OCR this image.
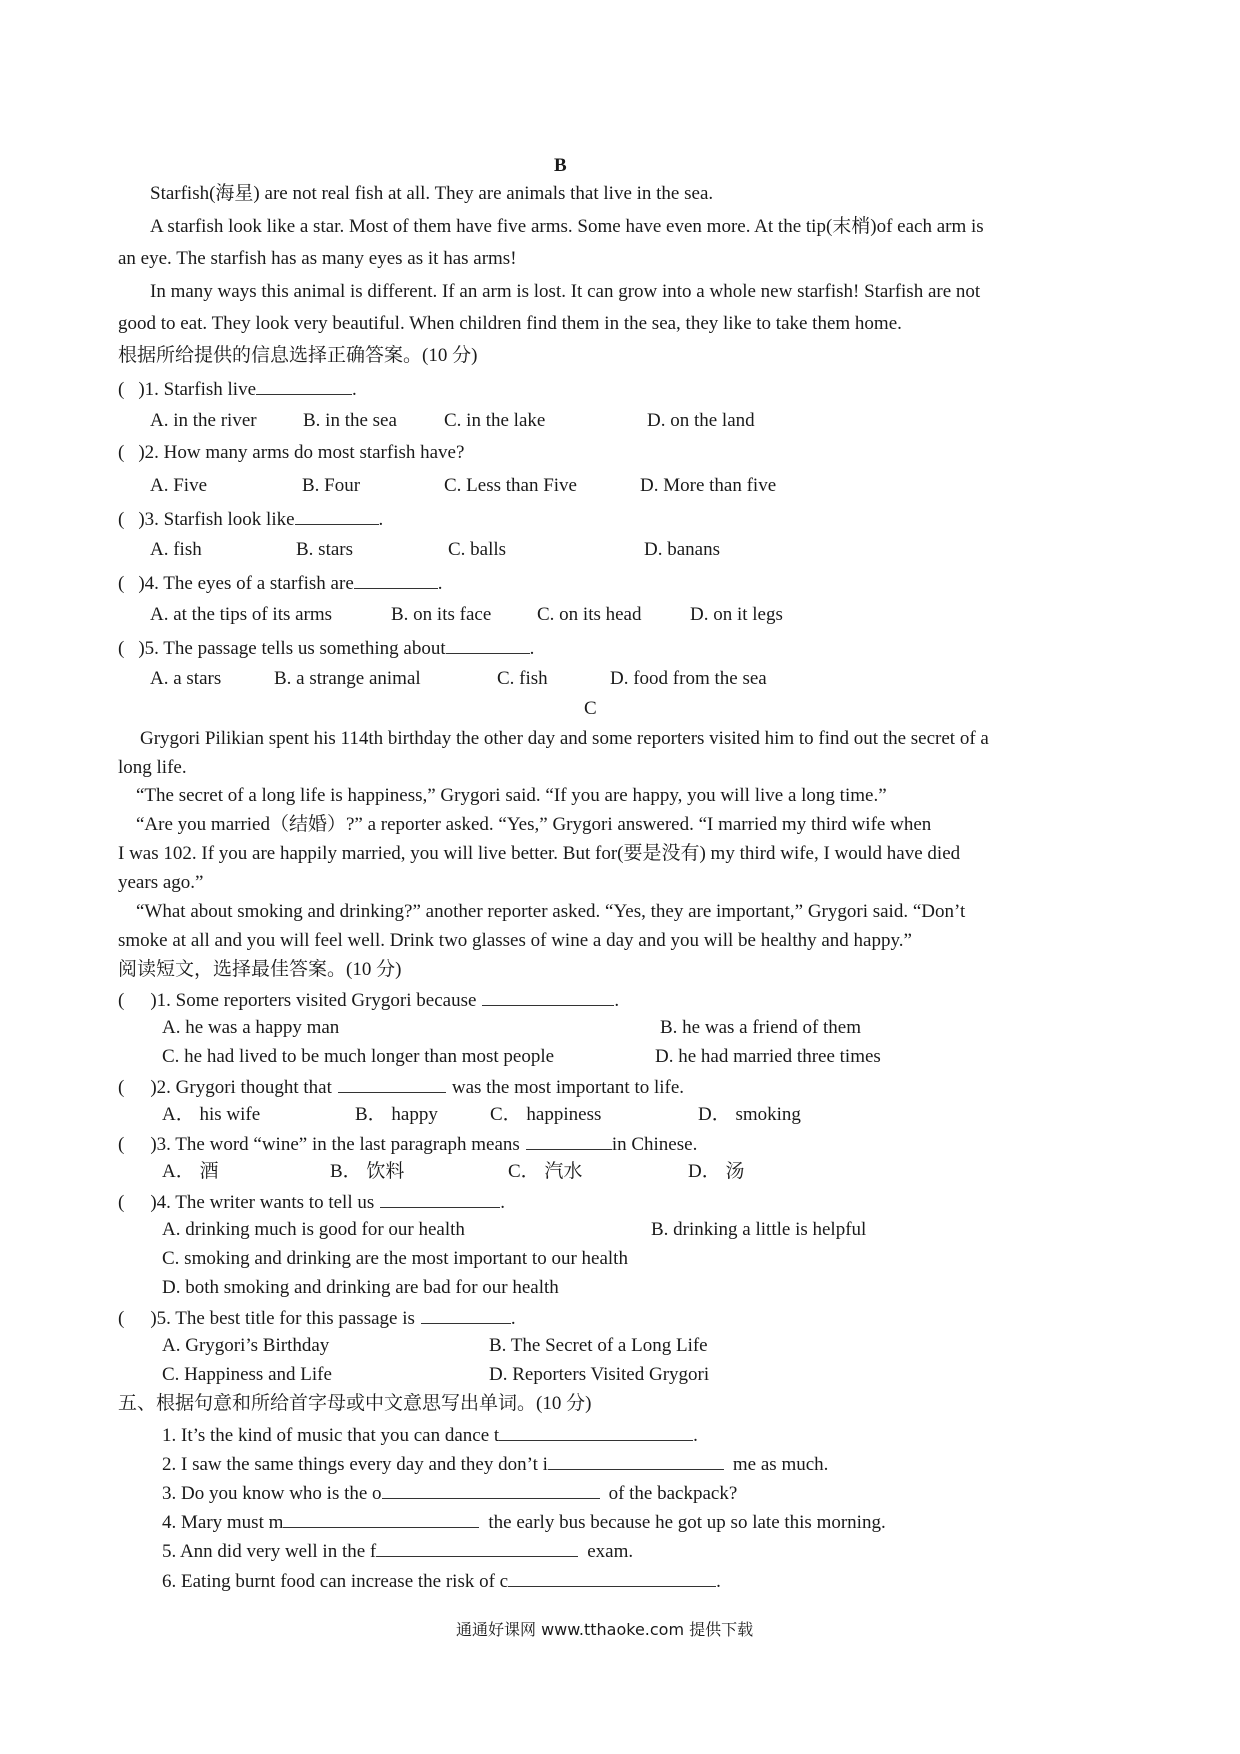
B
Starfish(海星) are not real fish at all. They are animals that live in the sea.
A starfish look like a star. Most of them have five arms. Some have even more. At the tip(末梢)of each arm is
an eye. The starfish has as many eyes as it has arms!
In many ways this animal is different. If an arm is lost. It can grow into a whole new starfish! Starfish are not
good to eat. They look very beautiful. When children find them in the sea, they like to take them home.
根据所给提供的信息选择正确答案。(10 分)
( )1. Starfish live	.
A. in the river B. in the sea C. in the lake	D. on the land
( )2. How many arms do most starfish have?
A. Five	B. Four	C. Less than Five	D. More than five
( )3. Starfish look like	.
A. fish	B. stars	C. balls	D. banans
( )4. The eyes of a starfish are	.
A. at the tips of its arms	B. on its face C. on its head	D. on it legs
( )5. The passage tells us something about	.
A. a stars	B. a strange animal	C. fish	D. food from the sea
C
Grygori Pilikian spent his 114th birthday the other day and some reporters visited him to find out the secret of a
long life.
“The secret of a long life is happiness,” Grygori said. “If you are happy, you will live a long time.”
“Are you married（结婚）?” a reporter asked. “Yes,” Grygori answered. “I married my third wife when
I was 102. If you are happily married, you will live better. But for(要是没有) my third wife, I would have died
years ago.”
“What about smoking and drinking?” another reporter asked. “Yes, they are important,” Grygori said. “Don’t
smoke at all and you will feel well. Drink two glasses of wine a day and you will be healthy and happy.”
阅读短文，选择最佳答案。(10 分)
( )1. Some reporters visited Grygori because	.
A. he was a happy man	B. he was a friend of them
C. he had lived to be much longer than most people	D. he had married three times
( )2. Grygori thought that	was the most important to life.
A． his wife	B． happy	C． happiness	D． smoking
( )3. The word “wine” in the last paragraph means	in Chinese.
A． 酒	B． 饮料	C． 汽水	D． 汤
( )4. The writer wants to tell us	.
A. drinking much is good for our health	B. drinking a little is helpful
C. smoking and drinking are the most important to our health
D. both smoking and drinking are bad for our health
( )5. The best title for this passage is	.
A. Grygori’s Birthday	B. The Secret of a Long Life
C. Happiness and Life	D. Reporters Visited Grygori
五、根据句意和所给首字母或中文意思写出单词。(10 分)
1. It’s the kind of music that you can dance t	.
2. I saw the same things every day and they don’t i	me as much.
3. Do you know who is the o	of the backpack?
4. Mary must m	the early bus because he got up so late this morning.
5. Ann did very well in the f	exam.
6. Eating burnt food can increase the risk of c	.
通通好课网 www.tthaoke.com 提供下载
